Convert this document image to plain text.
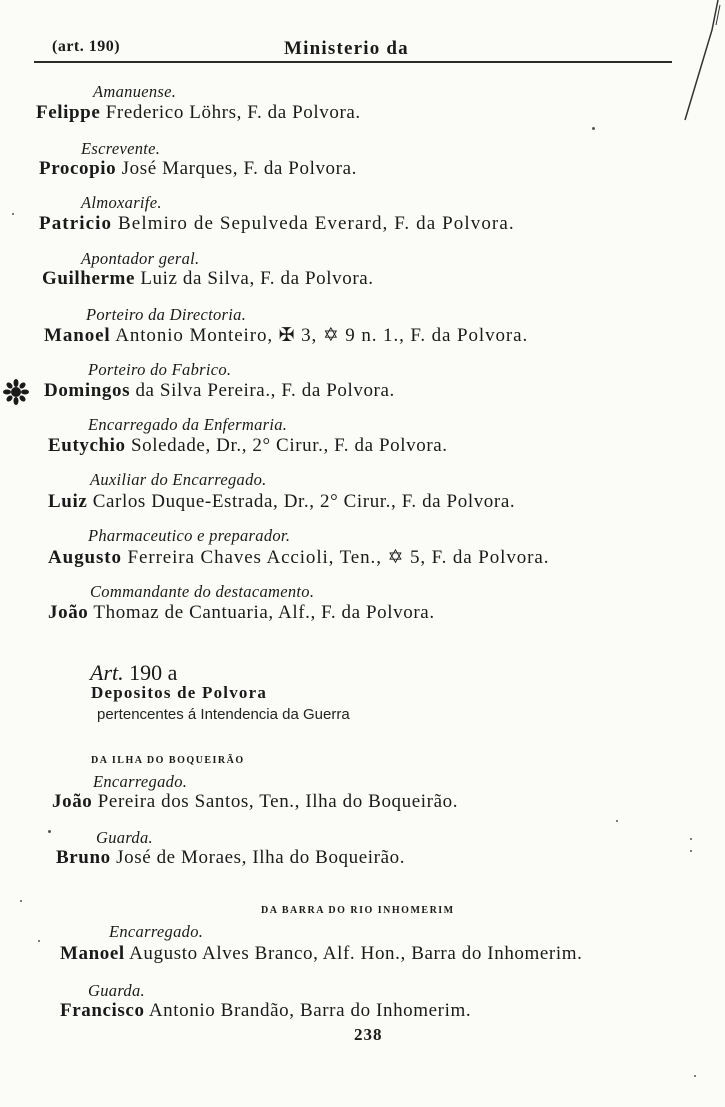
(art. 190)	Ministerio da
Amanuense.
Felippe Frederico Löhrs, F. da Polvora.
Escrevente.
Procopio José Marques, F. da Polvora.
Almoxarife.
Patricio Belmiro de Sepulveda Everard, F. da Polvora.
Apontador geral.
Guilherme Luiz da Silva, F. da Polvora.
Porteiro da Directoria.
Manoel Antonio Monteiro, ✠ 3, ✡ 9 n. 1., F. da Polvora.
Porteiro do Fabrico.
Domingos da Silva Pereira., F. da Polvora.
Encarregado da Enfermaria.
Eutychio Soledade, Dr., 2° Cirur., F. da Polvora.
Auxiliar do Encarregado.
Luiz Carlos Duque-Estrada, Dr., 2° Cirur., F. da Polvora.
Pharmaceutico e preparador.
Augusto Ferreira Chaves Accioli, Ten., ✡ 5, F. da Polvora.
Commandante do destacamento.
João Thomaz de Cantuaria, Alf., F. da Polvora.
Art. 190 a
Depositos de Polvora
pertencentes á Intendencia da Guerra
DA ILHA DO BOQUEIRÃO
Encarregado.
João Pereira dos Santos, Ten., Ilha do Boqueirão.
Guarda.
Bruno José de Moraes, Ilha do Boqueirão.
DA BARRA DO RIO INHOMERIM
Encarregado.
Manoel Augusto Alves Branco, Alf. Hon., Barra do Inhomerim.
Guarda.
Francisco Antonio Brandão, Barra do Inhomerim.
238
